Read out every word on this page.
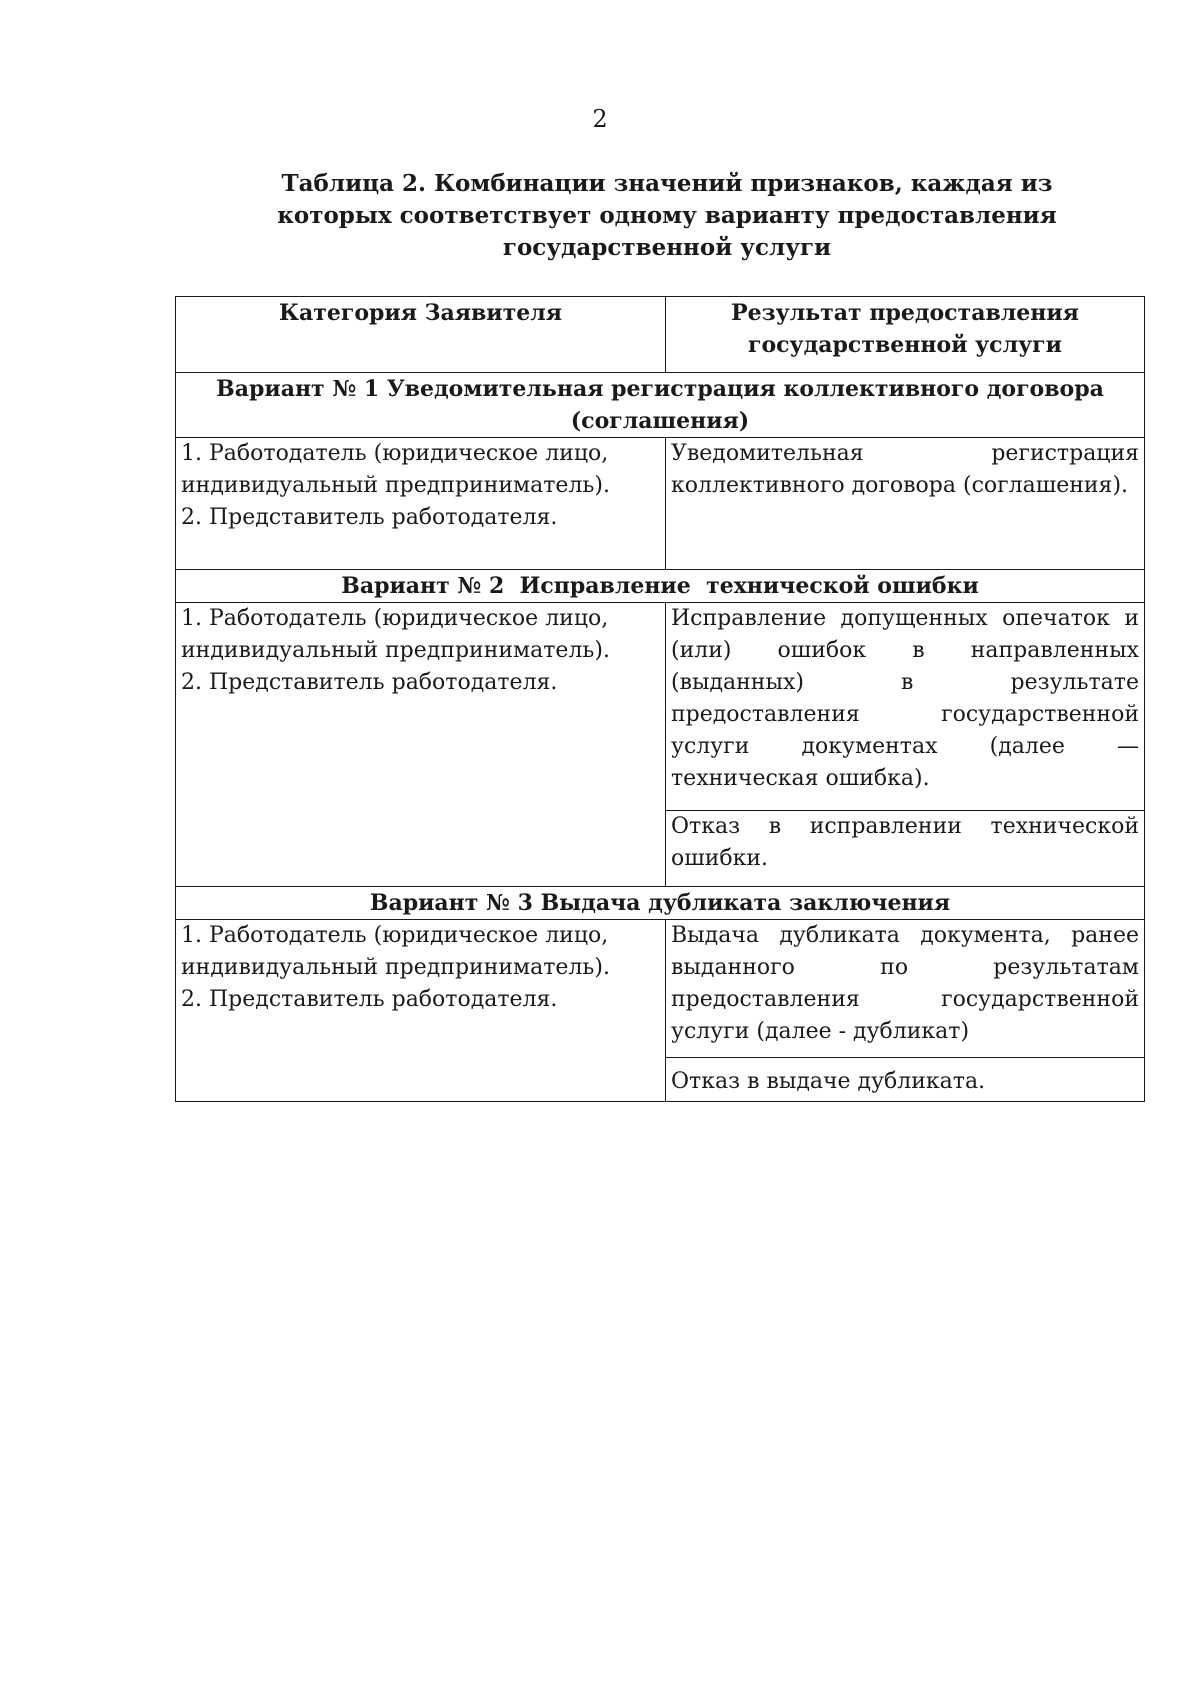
2
Таблица 2. Комбинации значений признаков, каждая из которых соответствует одному варианту предоставления государственной услуги
Категория Заявителя	Результат предоставления государственной услуги
Вариант № 1 Уведомительная регистрация коллективного договора (соглашения)	

1. Работодатель (юридическое лицо,
индивидуальный предприниматель).
2. Представитель работодателя.	Уведомительная регистрация коллективного договора (соглашения).
Вариант № 2  Исправление  технической ошибки	

1. Работодатель (юридическое лицо,
индивидуальный предприниматель).
2. Представитель работодателя.	Исправление допущенных опечаток и (или) ошибок в направленных (выданных) в результате предоставления государственной услуги документах (далее — техническая ошибка).
	Отказ в исправлении технической ошибки.
Вариант № 3 Выдача дубликата заключения	

1. Работодатель (юридическое лицо,
индивидуальный предприниматель).
2. Представитель работодателя.	Выдача дубликата документа, ранее выданного по результатам предоставления государственной услуги (далее - дубликат)
	Отказ в выдаче дубликата.
